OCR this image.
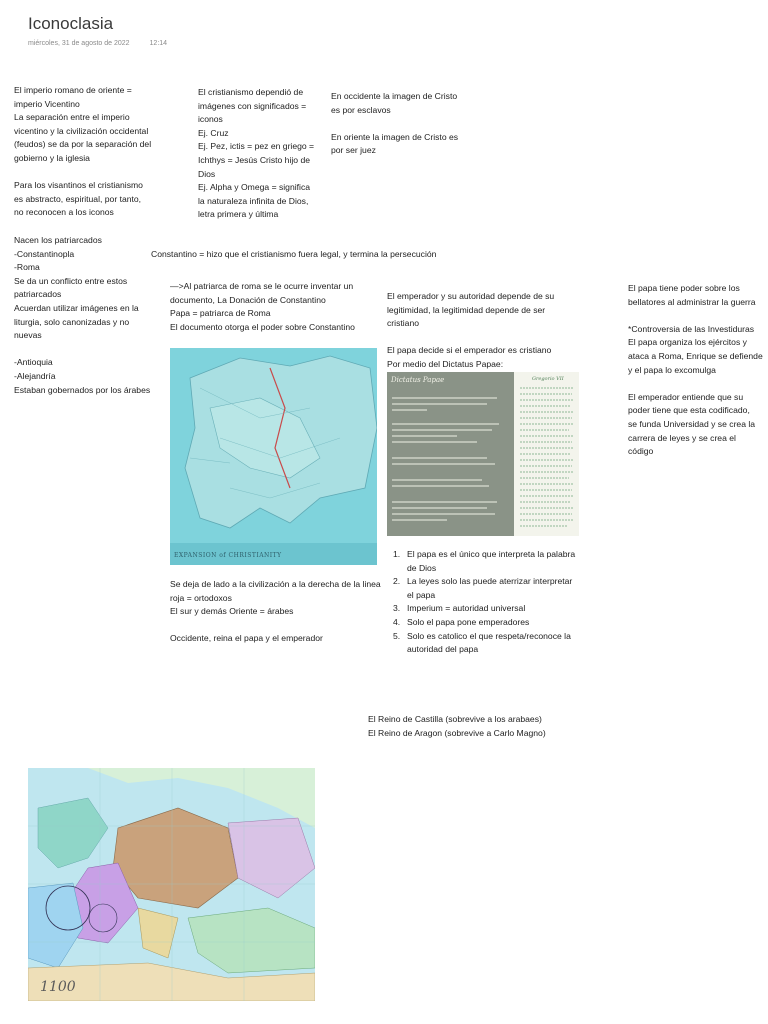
Iconoclasia
miércoles, 31 de agosto de 2022	12:14
El imperio romano de oriente =
imperio Vicentino
La separación entre el imperio
vicentino y la civilización occidental
(feudos) se da por la separación del
gobierno y la iglesia
Para los visantinos el cristianismo
es abstracto, espiritual, por tanto,
no reconocen a los iconos
Nacen los patriarcados
-Constantinopla
-Roma
Se da un conflicto entre estos
patriarcados
Acuerdan utilizar imágenes en la
liturgia, solo canonizadas y no
nuevas
-Antioquia
-Alejandría
Estaban gobernados por los árabes
El cristianismo dependió de
imágenes con significados =
iconos
Ej. Cruz
Ej. Pez, ictis = pez en griego =
Ichthys = Jesús Cristo hijo de
Dios
Ej. Alpha y Omega = significa
la naturaleza infinita de Dios,
letra primera y última
En occidente la imagen de Cristo
es por esclavos
En oriente la imagen de Cristo es
por ser juez
Constantino = hizo que el cristianismo fuera legal, y termina la persecución
—>Al patriarca de roma se le ocurre inventar un
documento, La Donación de Constantino
Papa = patriarca de Roma
El documento otorga el poder sobre Constantino
El emperador y su autoridad depende de su
legitimidad, la legitimidad depende de ser
cristiano
El papa decide si el emperador es cristiano
Por medio del Dictatus Papae:
El papa tiene poder sobre los
bellatores al administrar la guerra
*Controversia de las Investiduras
El papa organiza los ejércitos y
ataca a Roma, Enrique se defiende
y el papa lo excomulga
El emperador entiende que su
poder tiene que esta codificado,
se funda Universidad y se crea la
carrera de leyes y se crea el
código
Se deja de lado a la civilización a la derecha de la linea
roja = ortodoxos
El sur y demás Oriente = árabes
Occidente, reina el papa y el emperador
1. El papa es el único que interpreta la palabra
de Dios
2. La leyes solo las puede aterrizar interpretar
el papa
3. Imperium = autoridad universal
4. Solo el papa pone emperadores
5. Solo es catolico el que respeta/reconoce la
autoridad del papa
El Reino de Castilla (sobrevive a los arabaes)
El Reino de Aragon (sobrevive a Carlo Magno)
EXPANSION of CHRISTIANITY
Dictatus Papae	Gregorio VII
1100
